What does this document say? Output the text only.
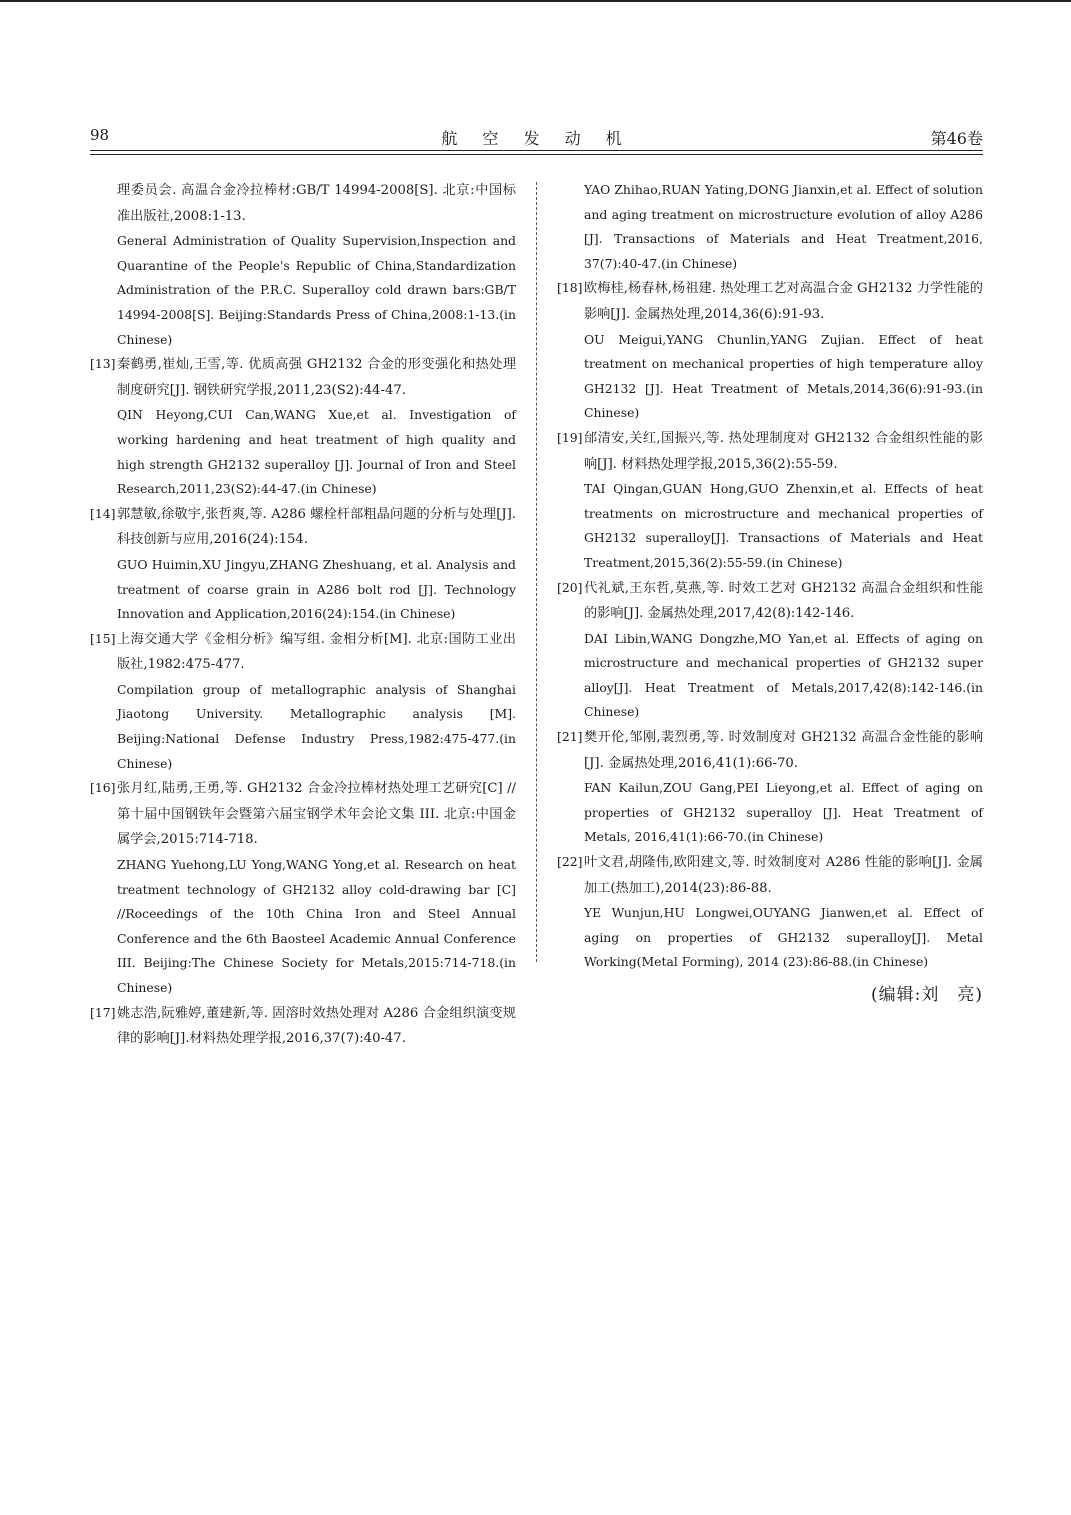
98	航 空 发 动 机	第46卷
理委员会. 高温合金冷拉棒材:GB/T 14994-2008[S]. 北京:中国标准出版社,2008:1-13.
General Administration of Quality Supervision,Inspection and Quarantine of the People's Republic of China,Standardization Administration of the P.R.C. Superalloy cold drawn bars:GB/T 14994-2008[S]. Beijing:Standards Press of China,2008:1-13.(in Chinese)
[13] 秦鹤勇,崔灿,王雪,等. 优质高强 GH2132 合金的形变强化和热处理制度研究[J]. 钢铁研究学报,2011,23(S2):44-47.
QIN Heyong,CUI Can,WANG Xue,et al. Investigation of working hardening and heat treatment of high quality and high strength GH2132 superalloy [J]. Journal of Iron and Steel Research,2011,23(S2):44-47.(in Chinese)
[14] 郭慧敏,徐敬宇,张哲爽,等. A286 螺栓杆部粗晶问题的分析与处理[J]. 科技创新与应用,2016(24):154.
GUO Huimin,XU Jingyu,ZHANG Zheshuang, et al. Analysis and treatment of coarse grain in A286 bolt rod [J]. Technology Innovation and Application,2016(24):154.(in Chinese)
[15] 上海交通大学《金相分析》编写组. 金相分析[M]. 北京:国防工业出版社,1982:475-477.
Compilation group of metallographic analysis of Shanghai Jiaotong University. Metallographic analysis [M]. Beijing:National Defense Industry Press,1982:475-477.(in Chinese)
[16] 张月红,陆勇,王勇,等. GH2132 合金冷拉棒材热处理工艺研究[C] // 第十届中国钢铁年会暨第六届宝钢学术年会论文集 III. 北京:中国金属学会,2015:714-718.
ZHANG Yuehong,LU Yong,WANG Yong,et al. Research on heat treatment technology of GH2132 alloy cold-drawing bar [C] //Roceedings of the 10th China Iron and Steel Annual Conference and the 6th Baosteel Academic Annual Conference III. Beijing:The Chinese Society for Metals,2015:714-718.(in Chinese)
[17] 姚志浩,阮雅婷,董建新,等. 固溶时效热处理对 A286 合金组织演变规律的影响[J].材料热处理学报,2016,37(7):40-47.
YAO Zhihao,RUAN Yating,DONG Jianxin,et al. Effect of solution and aging treatment on microstructure evolution of alloy A286 [J]. Transactions of Materials and Heat Treatment,2016, 37(7):40-47.(in Chinese)
[18] 欧梅桂,杨春林,杨祖建. 热处理工艺对高温合金 GH2132 力学性能的影响[J]. 金属热处理,2014,36(6):91-93.
OU Meigui,YANG Chunlin,YANG Zujian. Effect of heat treatment on mechanical properties of high temperature alloy GH2132 [J]. Heat Treatment of Metals,2014,36(6):91-93.(in Chinese)
[19] 邰清安,关红,国振兴,等. 热处理制度对 GH2132 合金组织性能的影响[J]. 材料热处理学报,2015,36(2):55-59.
TAI Qingan,GUAN Hong,GUO Zhenxin,et al. Effects of heat treatments on microstructure and mechanical properties of GH2132 superalloy[J]. Transactions of Materials and Heat Treatment,2015,36(2):55-59.(in Chinese)
[20] 代礼斌,王东哲,莫燕,等. 时效工艺对 GH2132 高温合金组织和性能的影响[J]. 金属热处理,2017,42(8):142-146.
DAI Libin,WANG Dongzhe,MO Yan,et al. Effects of aging on microstructure and mechanical properties of GH2132 super alloy[J]. Heat Treatment of Metals,2017,42(8):142-146.(in Chinese)
[21] 樊开伦,邹刚,裴烈勇,等. 时效制度对 GH2132 高温合金性能的影响[J]. 金属热处理,2016,41(1):66-70.
FAN Kailun,ZOU Gang,PEI Lieyong,et al. Effect of aging on properties of GH2132 superalloy [J]. Heat Treatment of Metals, 2016,41(1):66-70.(in Chinese)
[22] 叶文君,胡隆伟,欧阳建文,等. 时效制度对 A286 性能的影响[J]. 金属加工(热加工),2014(23):86-88.
YE Wunjun,HU Longwei,OUYANG Jianwen,et al. Effect of aging on properties of GH2132 superalloy[J]. Metal Working(Metal Forming), 2014 (23):86-88.(in Chinese)
(编辑:刘　亮)
